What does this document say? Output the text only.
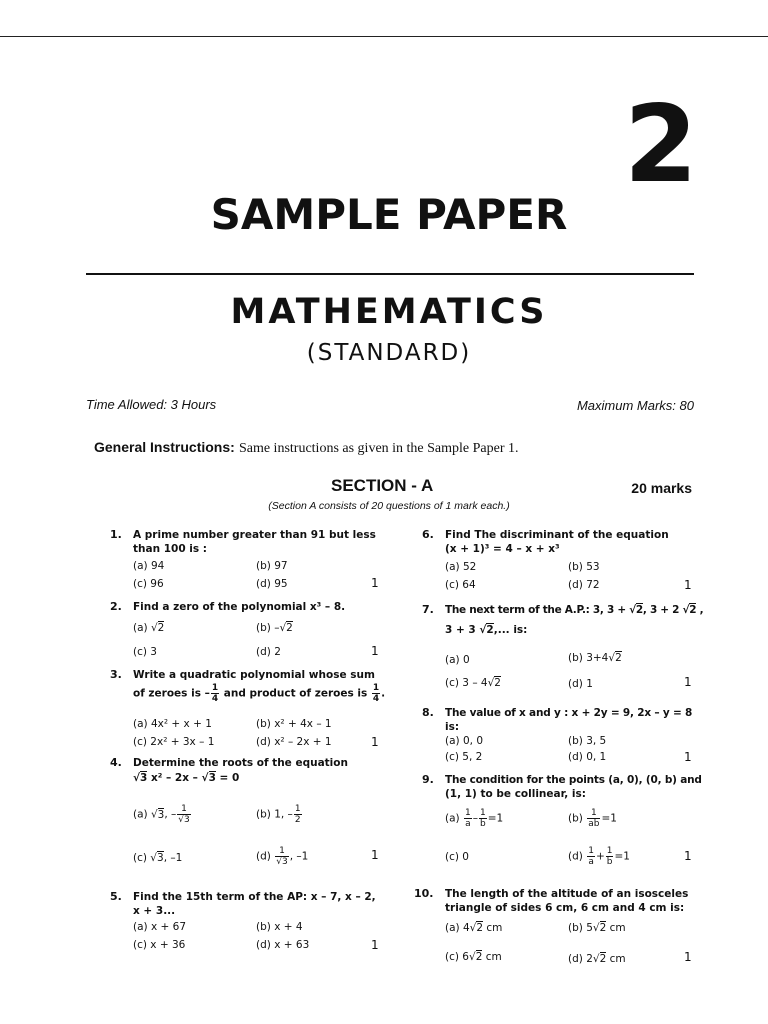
2
SAMPLE PAPER
MATHEMATICS
(STANDARD)
Time Allowed: 3 Hours	Maximum Marks: 80
General Instructions: Same instructions as given in the Sample Paper 1.
SECTION - A	20 marks
(Section A consists of 20 questions of 1 mark each.)
1. A prime number greater than 91 but less
than 100 is :
(a) 94	(b) 97
(c) 96	(d) 95	1
2. Find a zero of the polynomial x³ – 8.
(a) √2	(b) –√2
(c) 3	(d) 2	1
3. Write a quadratic polynomial whose sum
of zeroes is – $\frac{1}{4}$ and product of zeroes is $\frac{1}{4}$ .
(a) 4x² + x + 1	(b) x² + 4x – 1
(c) 2x² + 3x – 1	(d) x² – 2x + 1	1
4. Determine the roots of the equation
√3 x² – 2x – √3 = 0
(a) √3, – $\frac{1}{√3}$	(b) 1, – $\frac{1}{2}$
(c) √3, –1	$(d) \frac{1}{√3}$ , –1	1
5. Find the 15th term of the AP: x – 7, x – 2,
x + 3...
(a) x + 67	(b) x + 4
(c) x + 36	(d) x + 63	1
6. Find The discriminant of the equation
(x + 1)³ = 4 – x + x³
(a) 52	(b) 53
(c) 64	(d) 72	1
7. The next term of the A.P.: 3, 3 + √2, 3 + 2 √2 ,
3 + 3 √2,... is:
(a) 0	(b) 3+4√2
(c) 3 – 4√2	(d) 1	1
8. The value of x and y : x + 2y = 9, 2x – y = 8
is:
(a) 0, 0	(b) 3, 5
(c) 5, 2	(d) 0, 1	1
9. The condition for the points (a, 0), (0, b) and
(1, 1) to be collinear, is:
$(a) \frac{1}{a} - \frac{1}{b} =1$	$(b) \frac{1}{ab} =1$
(c) 0	$(d) \frac{1}{a} + \frac{1}{b} =1$	1
10. The length of the altitude of an isosceles
triangle of sides 6 cm, 6 cm and 4 cm is:
(a) 4√2 cm	(b) 5√2 cm
(c) 6√2 cm	(d) 2√2 cm	1
